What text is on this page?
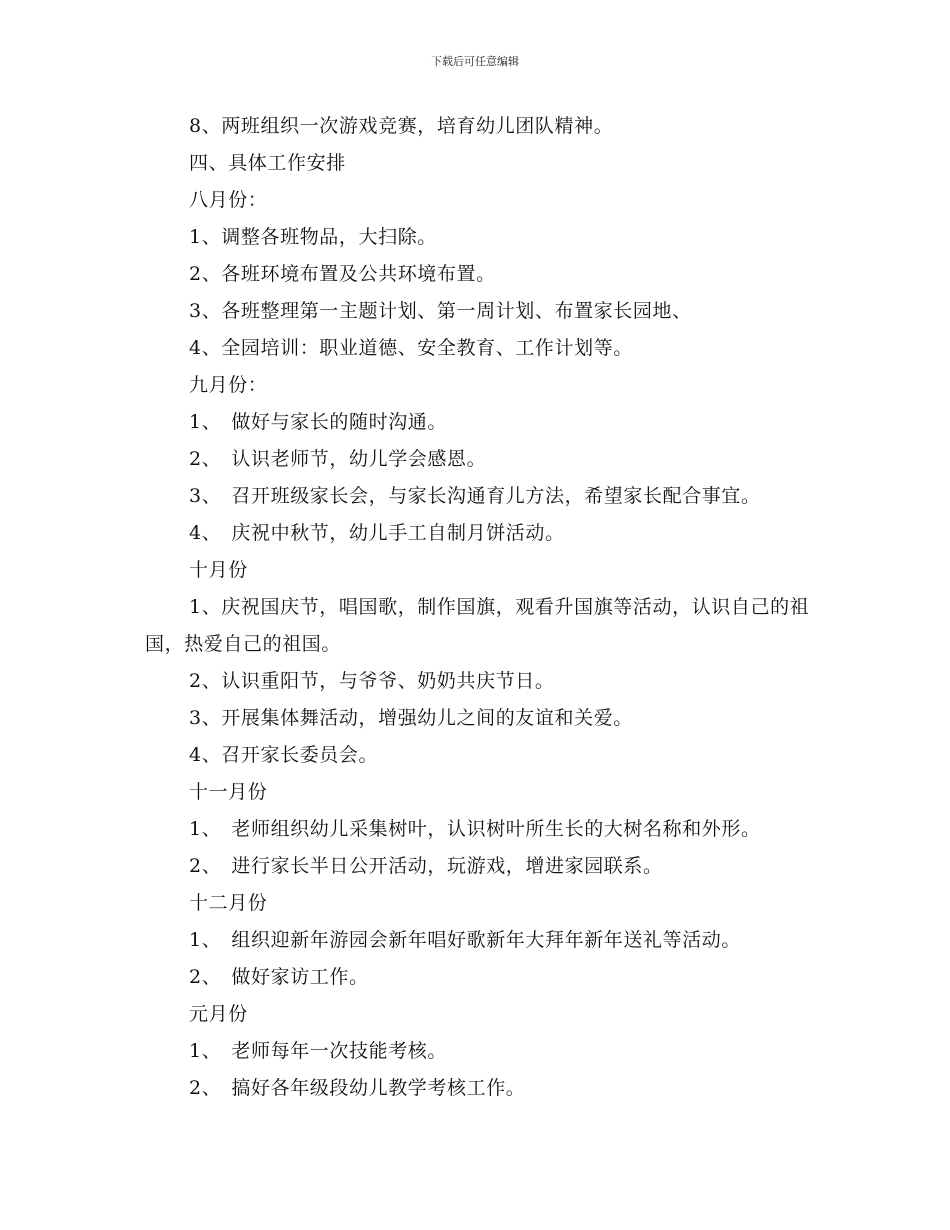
下载后可任意编辑
8、两班组织一次游戏竞赛，培育幼儿团队精神。
四、具体工作安排
八月份：
1、调整各班物品，大扫除。
2、各班环境布置及公共环境布置。
3、各班整理第一主题计划、第一周计划、布置家长园地、
4、全园培训：职业道德、安全教育、工作计划等。
九月份：
1、　做好与家长的随时沟通。
2、　认识老师节，幼儿学会感恩。
3、　召开班级家长会，与家长沟通育儿方法，希望家长配合事宜。
4、　庆祝中秋节，幼儿手工自制月饼活动。
十月份
1、庆祝国庆节，唱国歌，制作国旗，观看升国旗等活动，认识自己的祖国，热爱自己的祖国。
2、认识重阳节，与爷爷、奶奶共庆节日。
3、开展集体舞活动，增强幼儿之间的友谊和关爱。
4、召开家长委员会。
十一月份
1、　老师组织幼儿采集树叶，认识树叶所生长的大树名称和外形。
2、　进行家长半日公开活动，玩游戏，增进家园联系。
十二月份
1、　组织迎新年游园会新年唱好歌新年大拜年新年送礼等活动。
2、　做好家访工作。
元月份
1、　老师每年一次技能考核。
2、　搞好各年级段幼儿教学考核工作。
